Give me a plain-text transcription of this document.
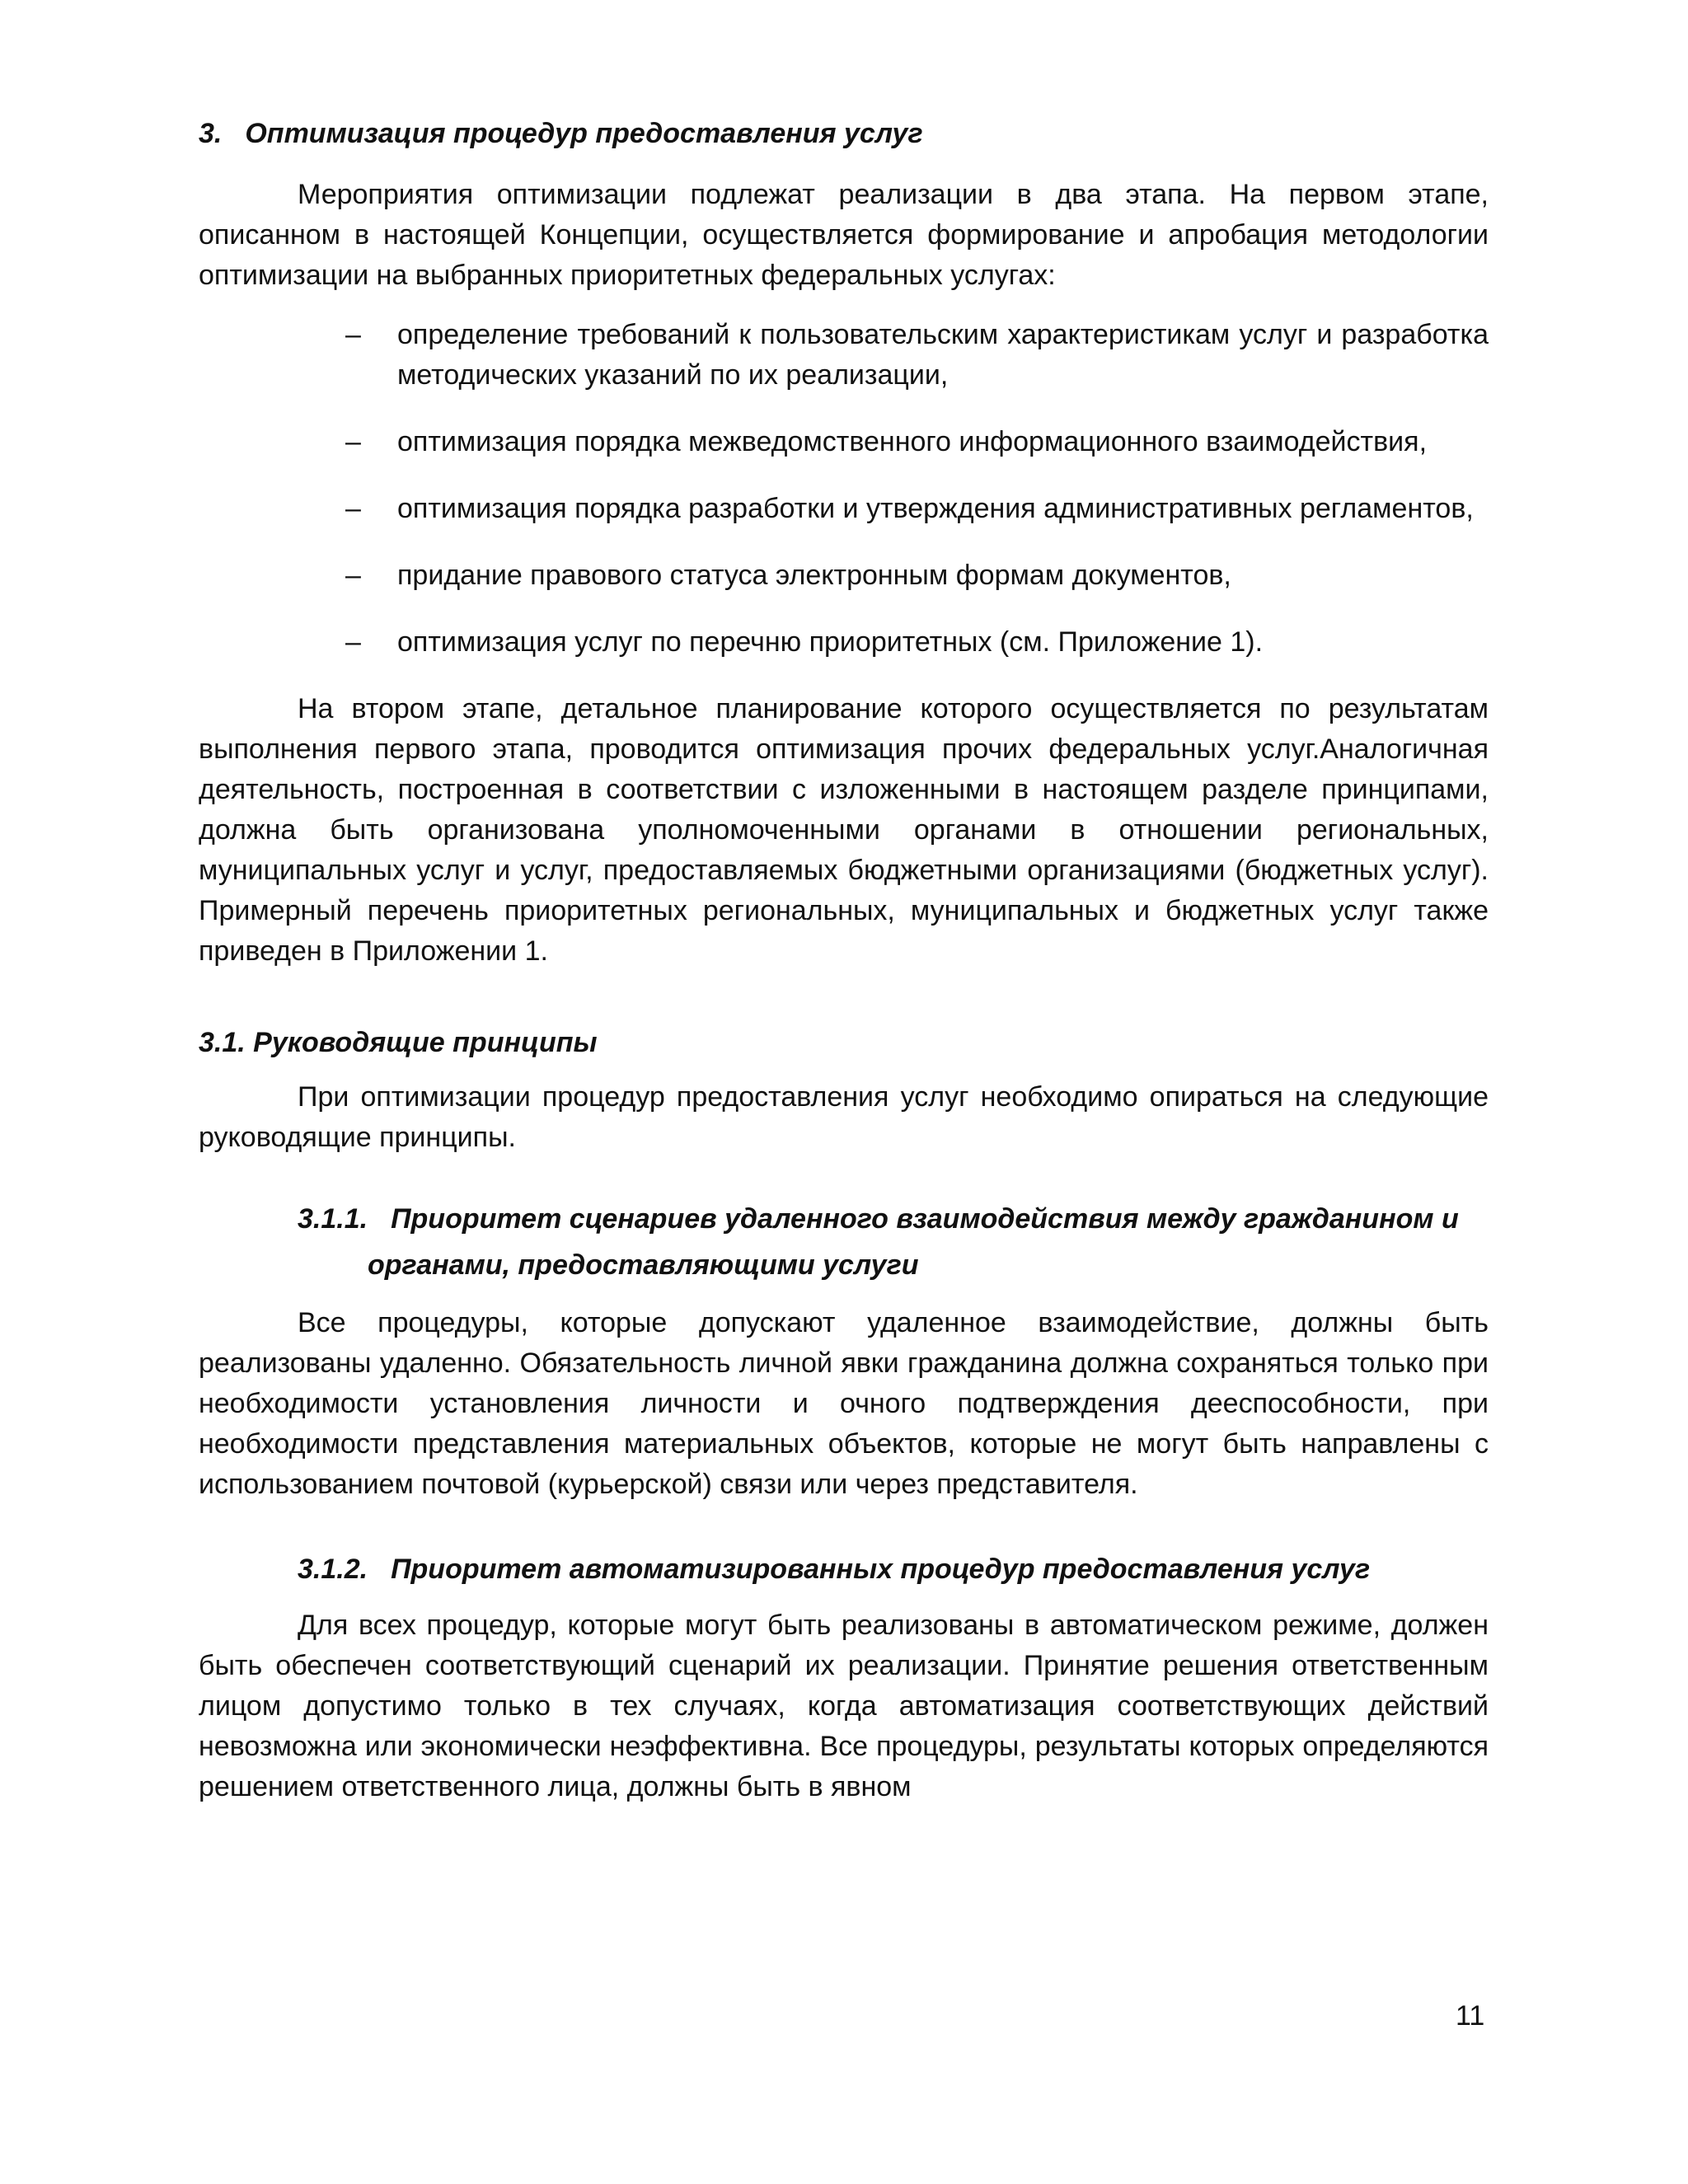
3. Оптимизация процедур предоставления услуг

Мероприятия оптимизации подлежат реализации в два этапа. На первом этапе, описанном в настоящей Концепции, осуществляется формирование и апробация методологии оптимизации на выбранных приоритетных федеральных услугах:

– определение требований к пользовательским характеристикам услуг и разработка методических указаний по их реализации,
– оптимизация порядка межведомственного информационного взаимодействия,
– оптимизация порядка разработки и утверждения административных регламентов,
– придание правового статуса электронным формам документов,
– оптимизация услуг по перечню приоритетных (см. Приложение 1).

На втором этапе, детальное планирование которого осуществляется по результатам выполнения первого этапа, проводится оптимизация прочих федеральных услуг.Аналогичная деятельность, построенная в соответствии с изложенными в настоящем разделе принципами, должна быть организована уполномоченными органами в отношении региональных, муниципальных услуг и услуг, предоставляемых бюджетными организациями (бюджетных услуг). Примерный перечень приоритетных региональных, муниципальных и бюджетных услуг также приведен в Приложении 1.

3.1. Руководящие принципы

При оптимизации процедур предоставления услуг необходимо опираться на следующие руководящие принципы.

3.1.1. Приоритет сценариев удаленного взаимодействия между гражданином и органами, предоставляющими услуги

Все процедуры, которые допускают удаленное взаимодействие, должны быть реализованы удаленно. Обязательность личной явки гражданина должна сохраняться только при необходимости установления личности и очного подтверждения дееспособности, при необходимости представления материальных объектов, которые не могут быть направлены с использованием почтовой (курьерской) связи или через представителя.

3.1.2. Приоритет автоматизированных процедур предоставления услуг

Для всех процедур, которые могут быть реализованы в автоматическом режиме, должен быть обеспечен соответствующий сценарий их реализации. Принятие решения ответственным лицом допустимо только в тех случаях, когда автоматизация соответствующих действий невозможна или экономически неэффективна. Все процедуры, результаты которых определяются решением ответственного лица, должны быть в явном

11
